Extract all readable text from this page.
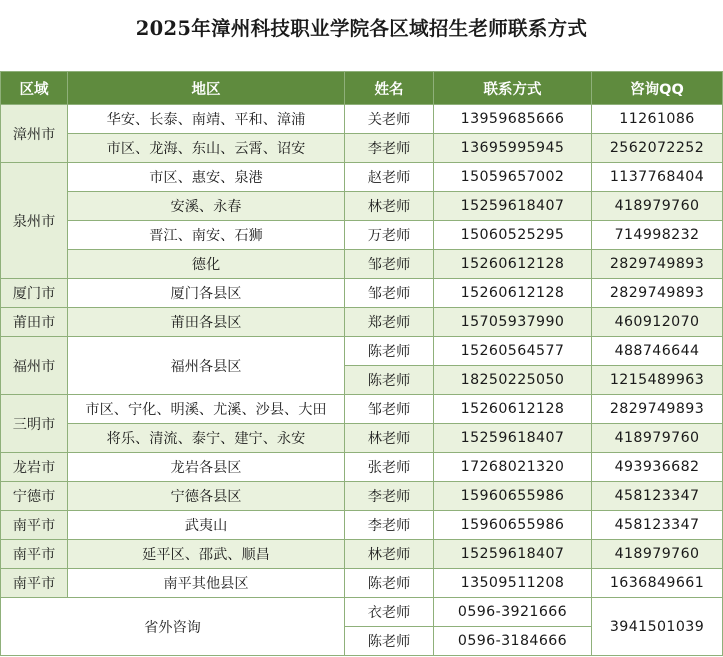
2025年漳州科技职业学院各区域招生老师联系方式
区域	地区	姓名	联系方式	咨询QQ
漳州市	华安、长泰、南靖、平和、漳浦	关老师	13959685666	11261086
	市区、龙海、东山、云霄、诏安	李老师	13695995945	2562072252
泉州市	市区、惠安、泉港	赵老师	15059657002	1137768404
	安溪、永春	林老师	15259618407	418979760
	晋江、南安、石狮	万老师	15060525295	714998232
	德化	邹老师	15260612128	2829749893
厦门市	厦门各县区	邹老师	15260612128	2829749893
莆田市	莆田各县区	郑老师	15705937990	460912070
福州市	福州各县区	陈老师	15260564577	488746644
		陈老师	18250225050	1215489963
三明市	市区、宁化、明溪、尤溪、沙县、大田	邹老师	15260612128	2829749893
	将乐、清流、泰宁、建宁、永安	林老师	15259618407	418979760
龙岩市	龙岩各县区	张老师	17268021320	493936682
宁德市	宁德各县区	李老师	15960655986	458123347
南平市	武夷山	李老师	15960655986	458123347
南平市	延平区、邵武、顺昌	林老师	15259618407	418979760
南平市	南平其他县区	陈老师	13509511208	1636849661
省外咨询		衣老师	0596-3921666	3941501039
		陈老师	0596-3184666	
